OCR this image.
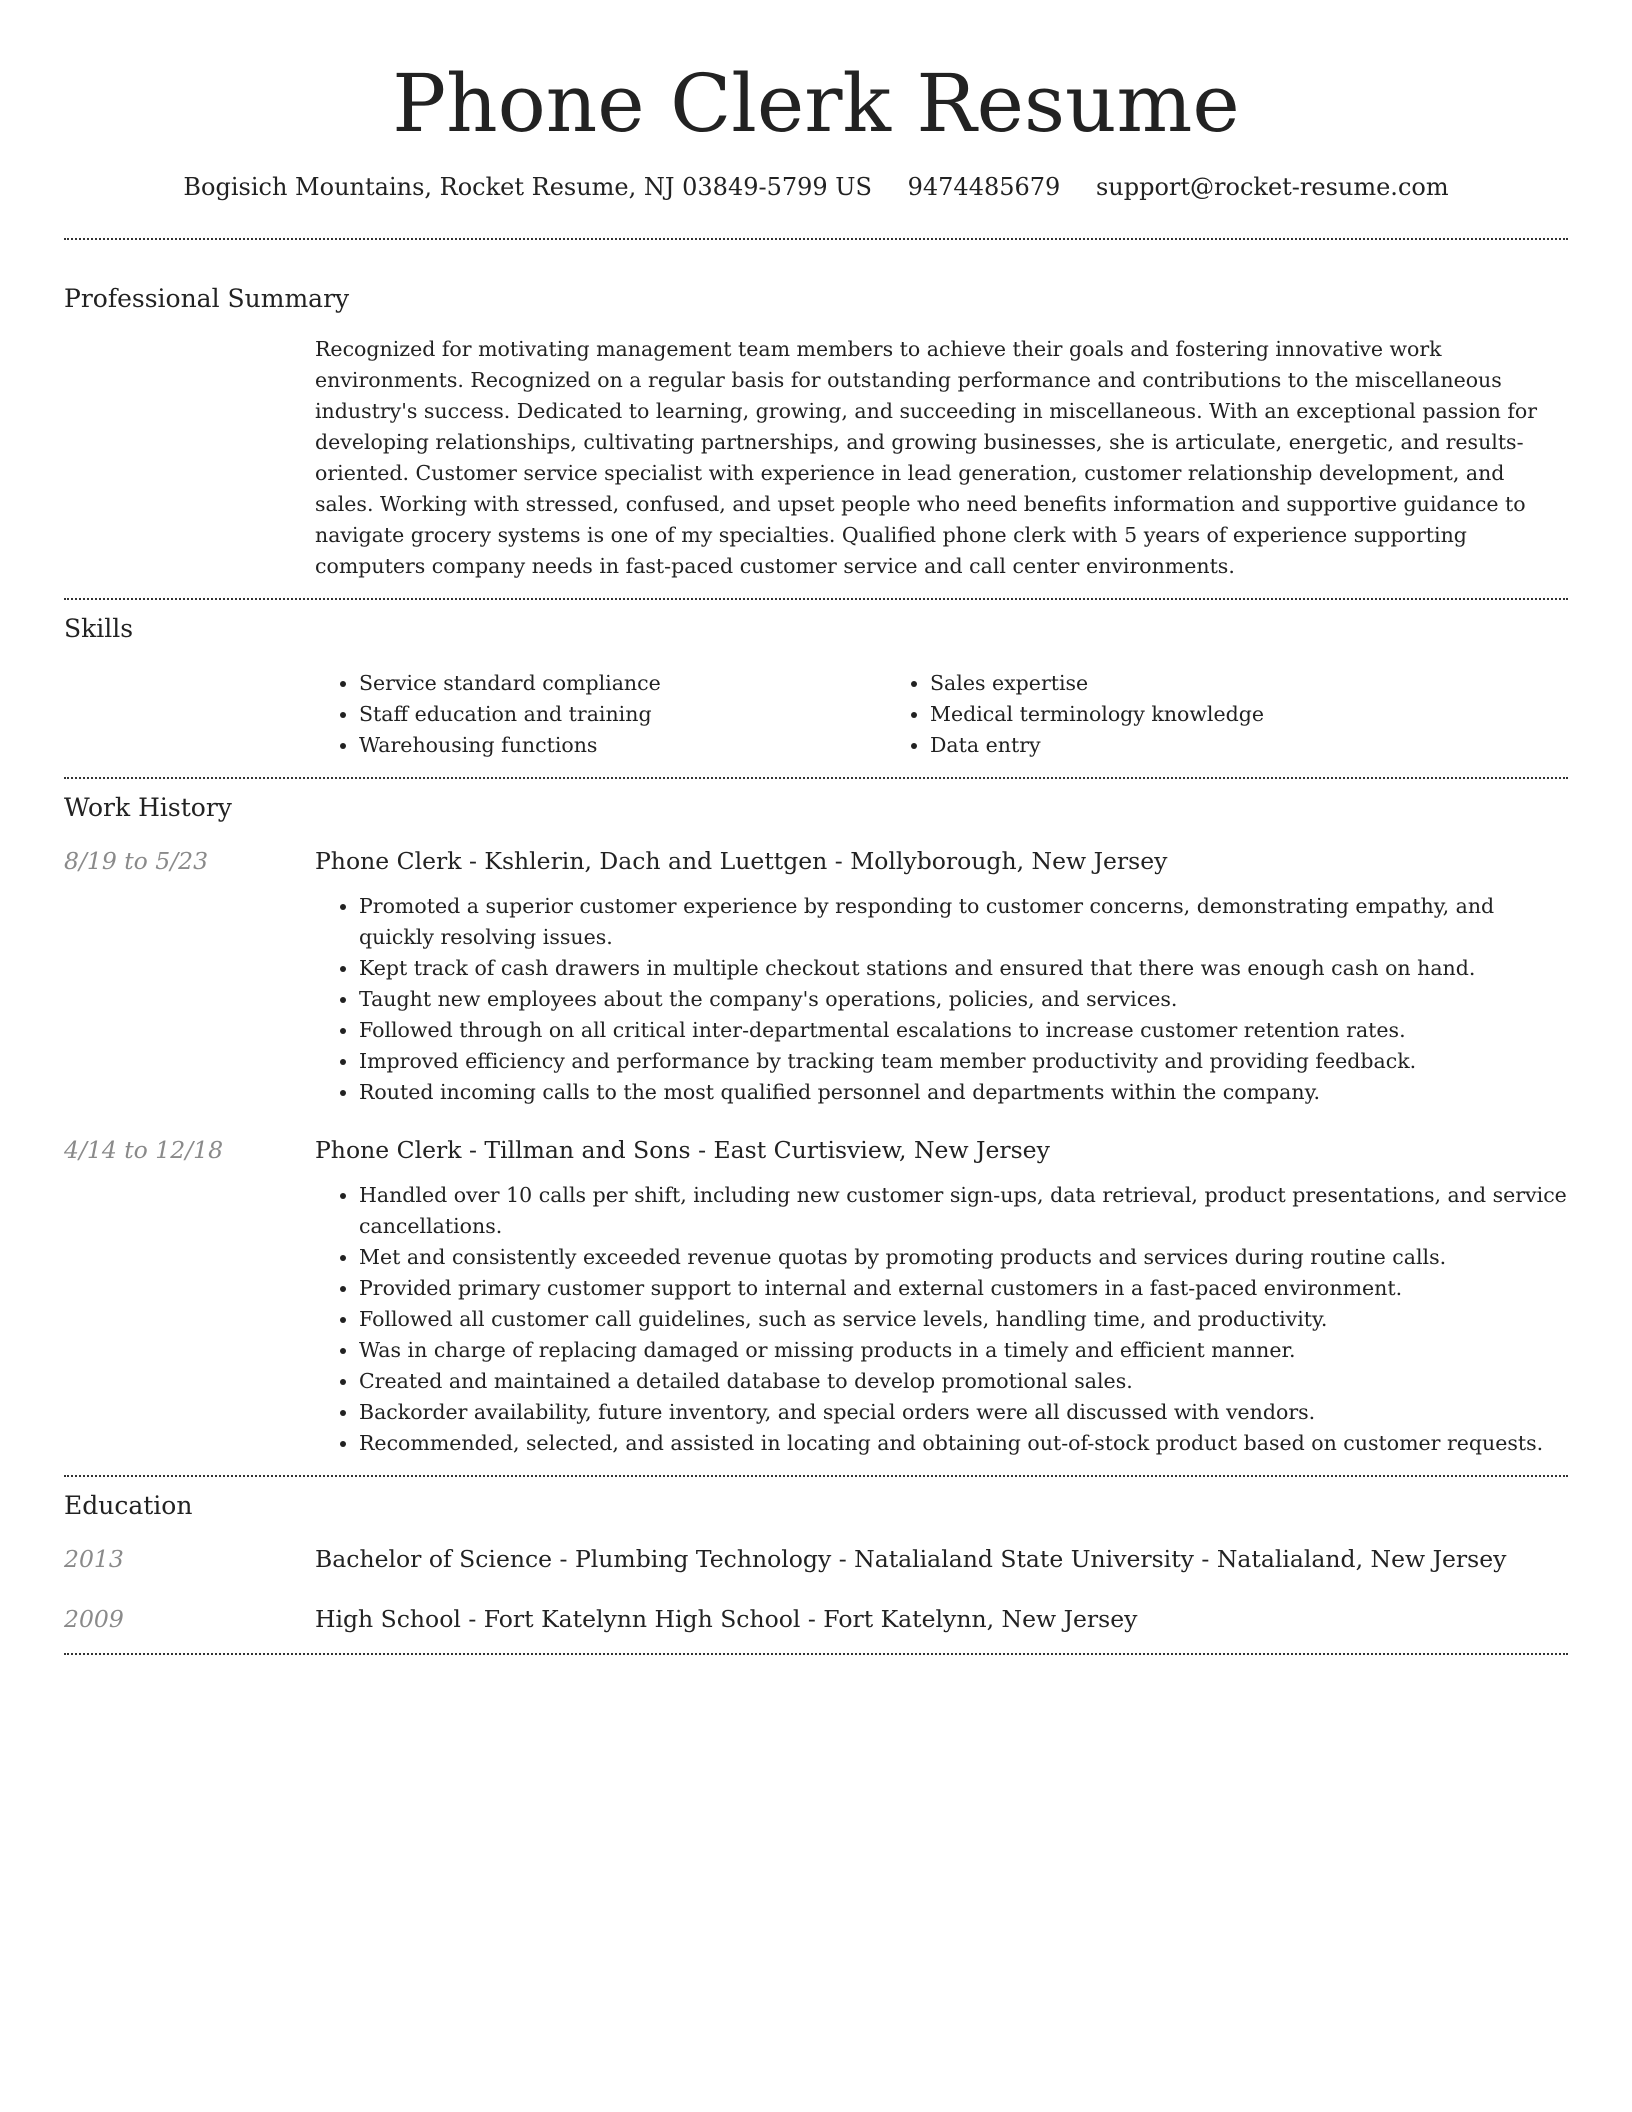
Phone Clerk Resume
Bogisich Mountains, Rocket Resume, NJ 03849-5799 US 9474485679 support@rocket-resume.com
Professional Summary

Recognized for motivating management team members to achieve their goals and fostering innovative work environments. Recognized on a regular basis for outstanding performance and contributions to the miscellaneous industry's success. Dedicated to learning, growing, and succeeding in miscellaneous. With an exceptional passion for developing relationships, cultivating partnerships, and growing businesses, she is articulate, energetic, and results-oriented. Customer service specialist with experience in lead generation, customer relationship development, and sales. Working with stressed, confused, and upset people who need benefits information and supportive guidance to navigate grocery systems is one of my specialties. Qualified phone clerk with 5 years of experience supporting computers company needs in fast-paced customer service and call center environments.

Skills
• Service standard compliance
• Staff education and training
• Warehousing functions
• Sales expertise
• Medical terminology knowledge
• Data entry
Work History
8/19 to 5/23	Phone Clerk - Kshlerin, Dach and Luettgen - Mollyborough, New Jersey
• Promoted a superior customer experience by responding to customer concerns, demonstrating empathy, and quickly resolving issues.
• Kept track of cash drawers in multiple checkout stations and ensured that there was enough cash on hand.
• Taught new employees about the company's operations, policies, and services.
• Followed through on all critical inter-departmental escalations to increase customer retention rates.
• Improved efficiency and performance by tracking team member productivity and providing feedback.
• Routed incoming calls to the most qualified personnel and departments within the company.
4/14 to 12/18	Phone Clerk - Tillman and Sons - East Curtisview, New Jersey
• Handled over 10 calls per shift, including new customer sign-ups, data retrieval, product presentations, and service cancellations.
• Met and consistently exceeded revenue quotas by promoting products and services during routine calls.
• Provided primary customer support to internal and external customers in a fast-paced environment.
• Followed all customer call guidelines, such as service levels, handling time, and productivity.
• Was in charge of replacing damaged or missing products in a timely and efficient manner.
• Created and maintained a detailed database to develop promotional sales.
• Backorder availability, future inventory, and special orders were all discussed with vendors.
• Recommended, selected, and assisted in locating and obtaining out-of-stock product based on customer requests.
Education
2013	Bachelor of Science - Plumbing Technology - Natalialand State University - Natalialand, New Jersey
2009	High School - Fort Katelynn High School - Fort Katelynn, New Jersey
